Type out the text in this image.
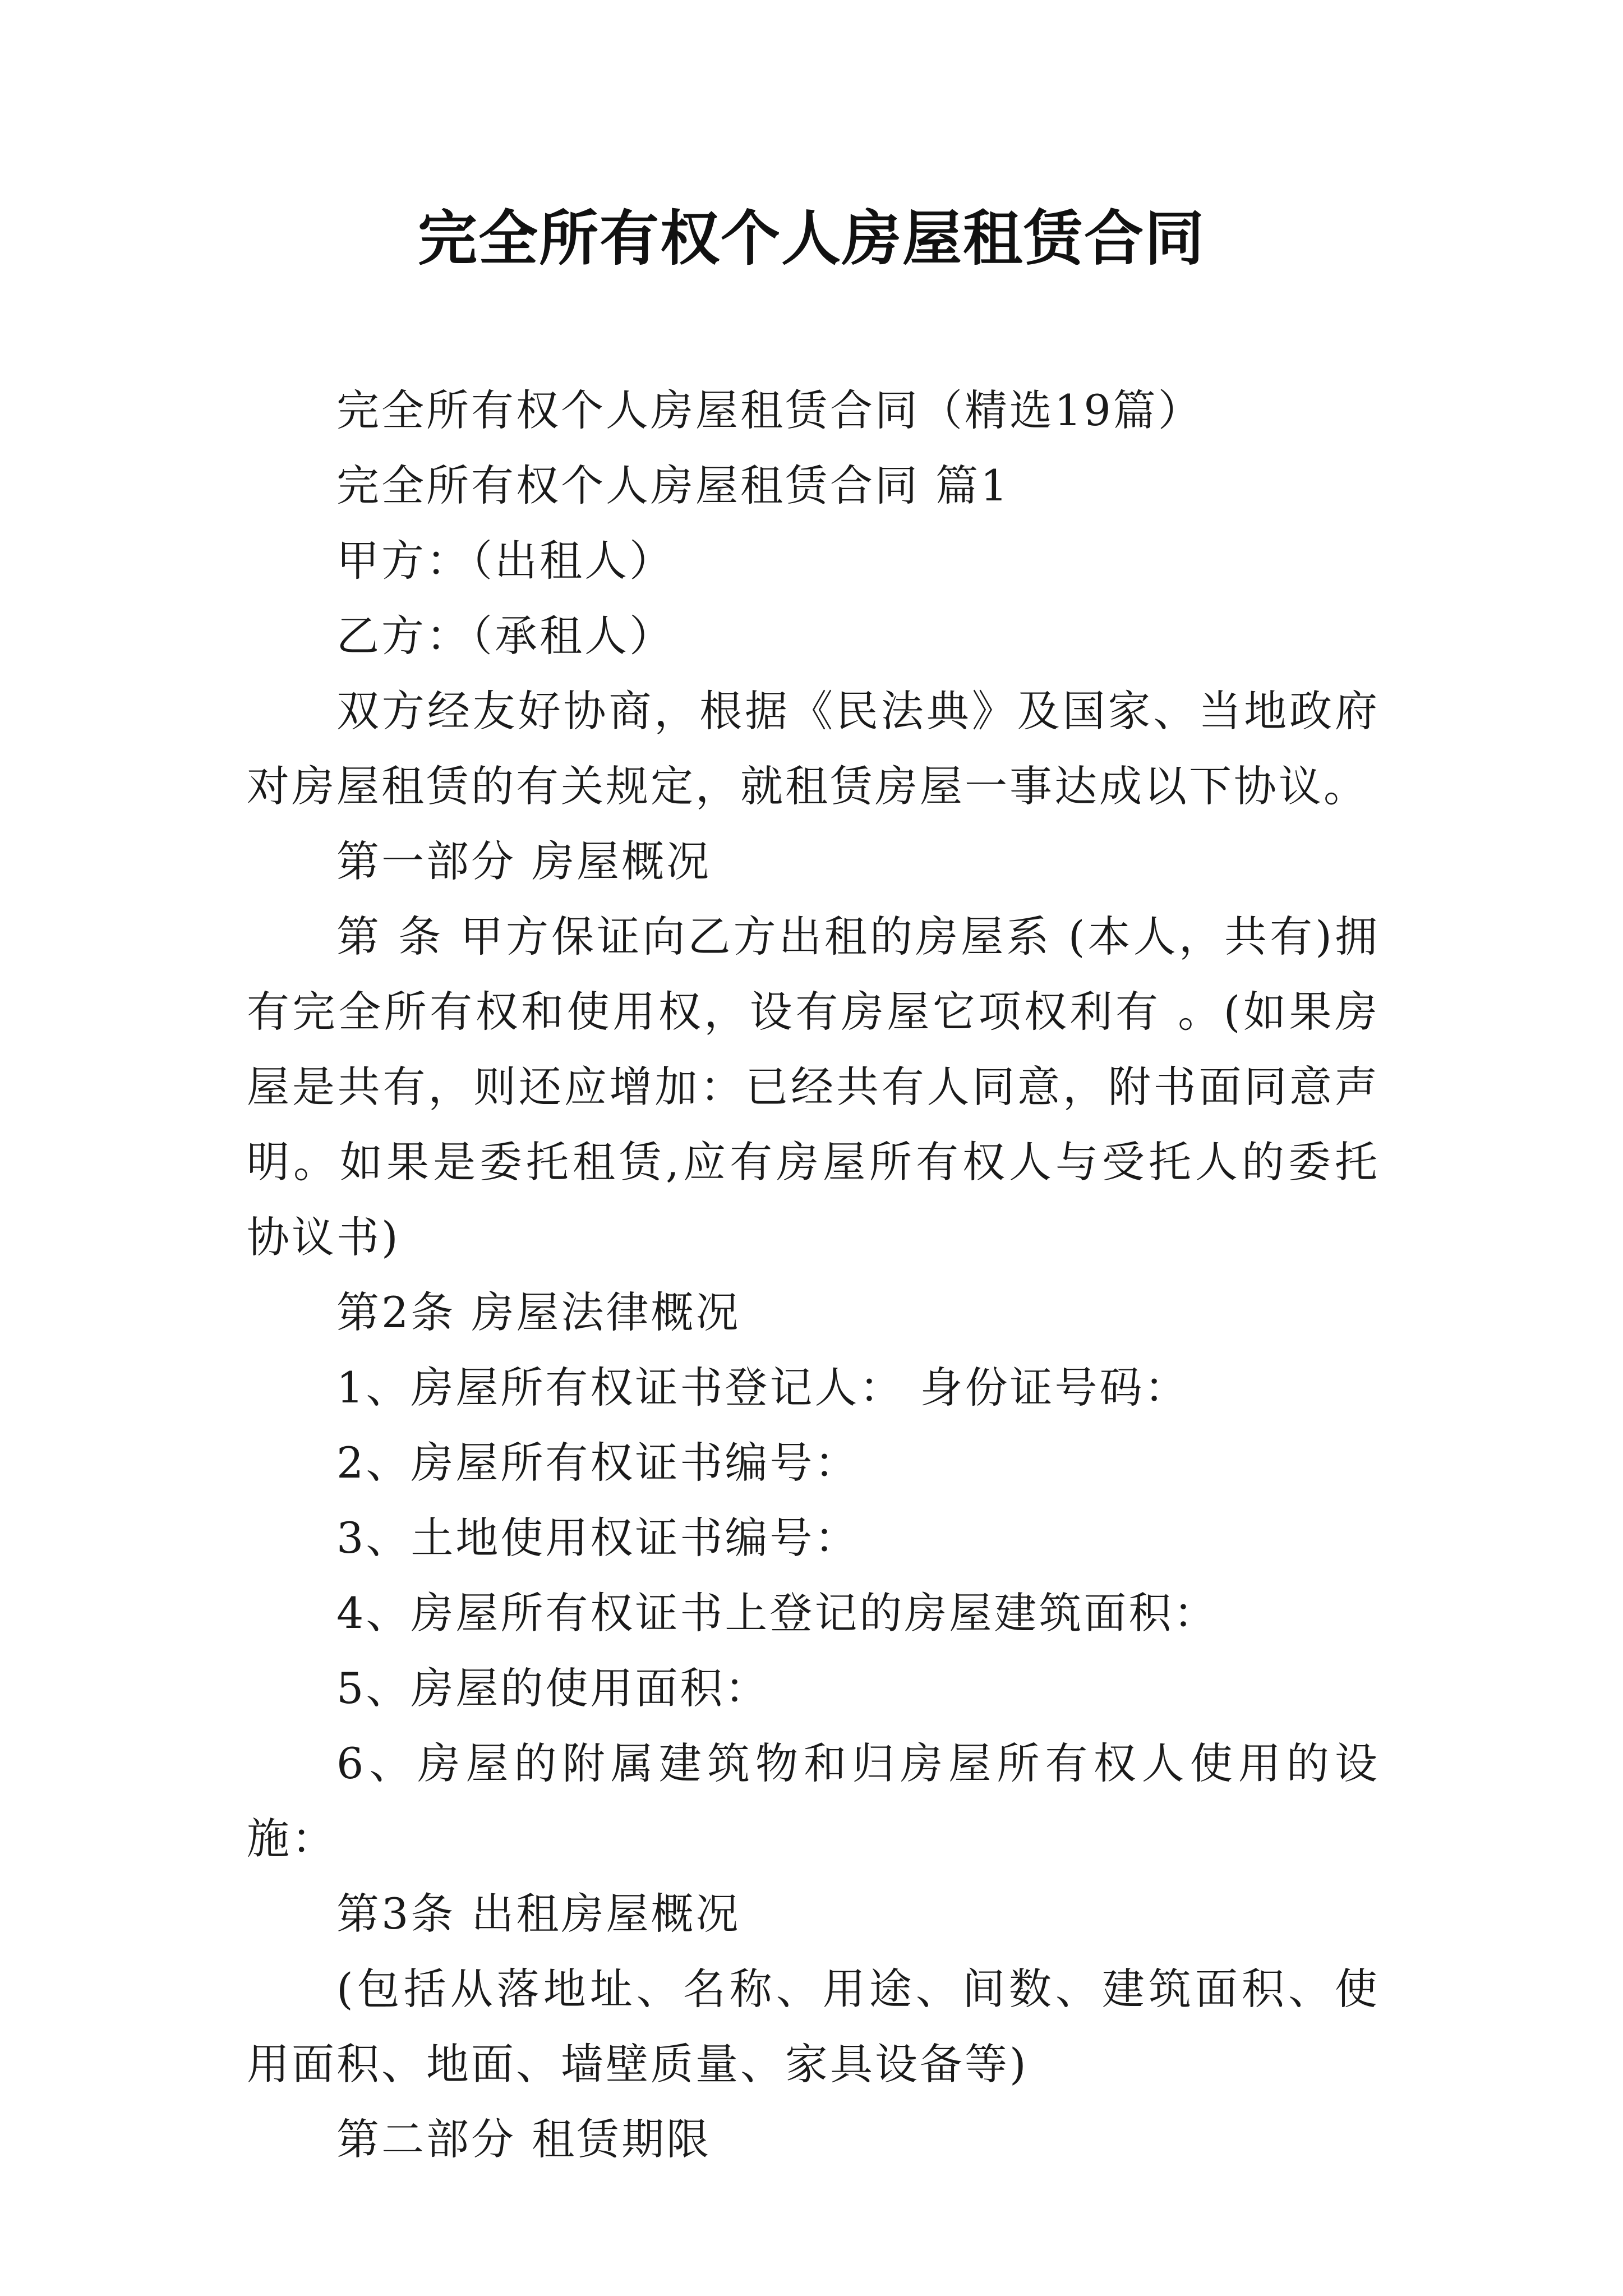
完全所有权个人房屋租赁合同

完全所有权个人房屋租赁合同（精选19篇）

完全所有权个人房屋租赁合同 篇1

甲方：（出租人）

乙方：（承租人）

双方经友好协商，根据《民法典》及国家、当地政府对房屋租赁的有关规定，就租赁房屋一事达成以下协议。

第一部分 房屋概况

第 条 甲方保证向乙方出租的房屋系 (本人，共有)拥有完全所有权和使用权，设有房屋它项权利有 。(如果房屋是共有，则还应增加：已经共有人同意，附书面同意声明。如果是委托租赁,应有房屋所有权人与受托人的委托协议书)

第2条 房屋法律概况

1、房屋所有权证书登记人： 身份证号码：

2、房屋所有权证书编号：

3、土地使用权证书编号：

4、房屋所有权证书上登记的房屋建筑面积：

5、房屋的使用面积：

6、房屋的附属建筑物和归房屋所有权人使用的设施：

第3条 出租房屋概况

(包括从落地址、名称、用途、间数、建筑面积、使用面积、地面、墙壁质量、家具设备等)

第二部分 租赁期限
